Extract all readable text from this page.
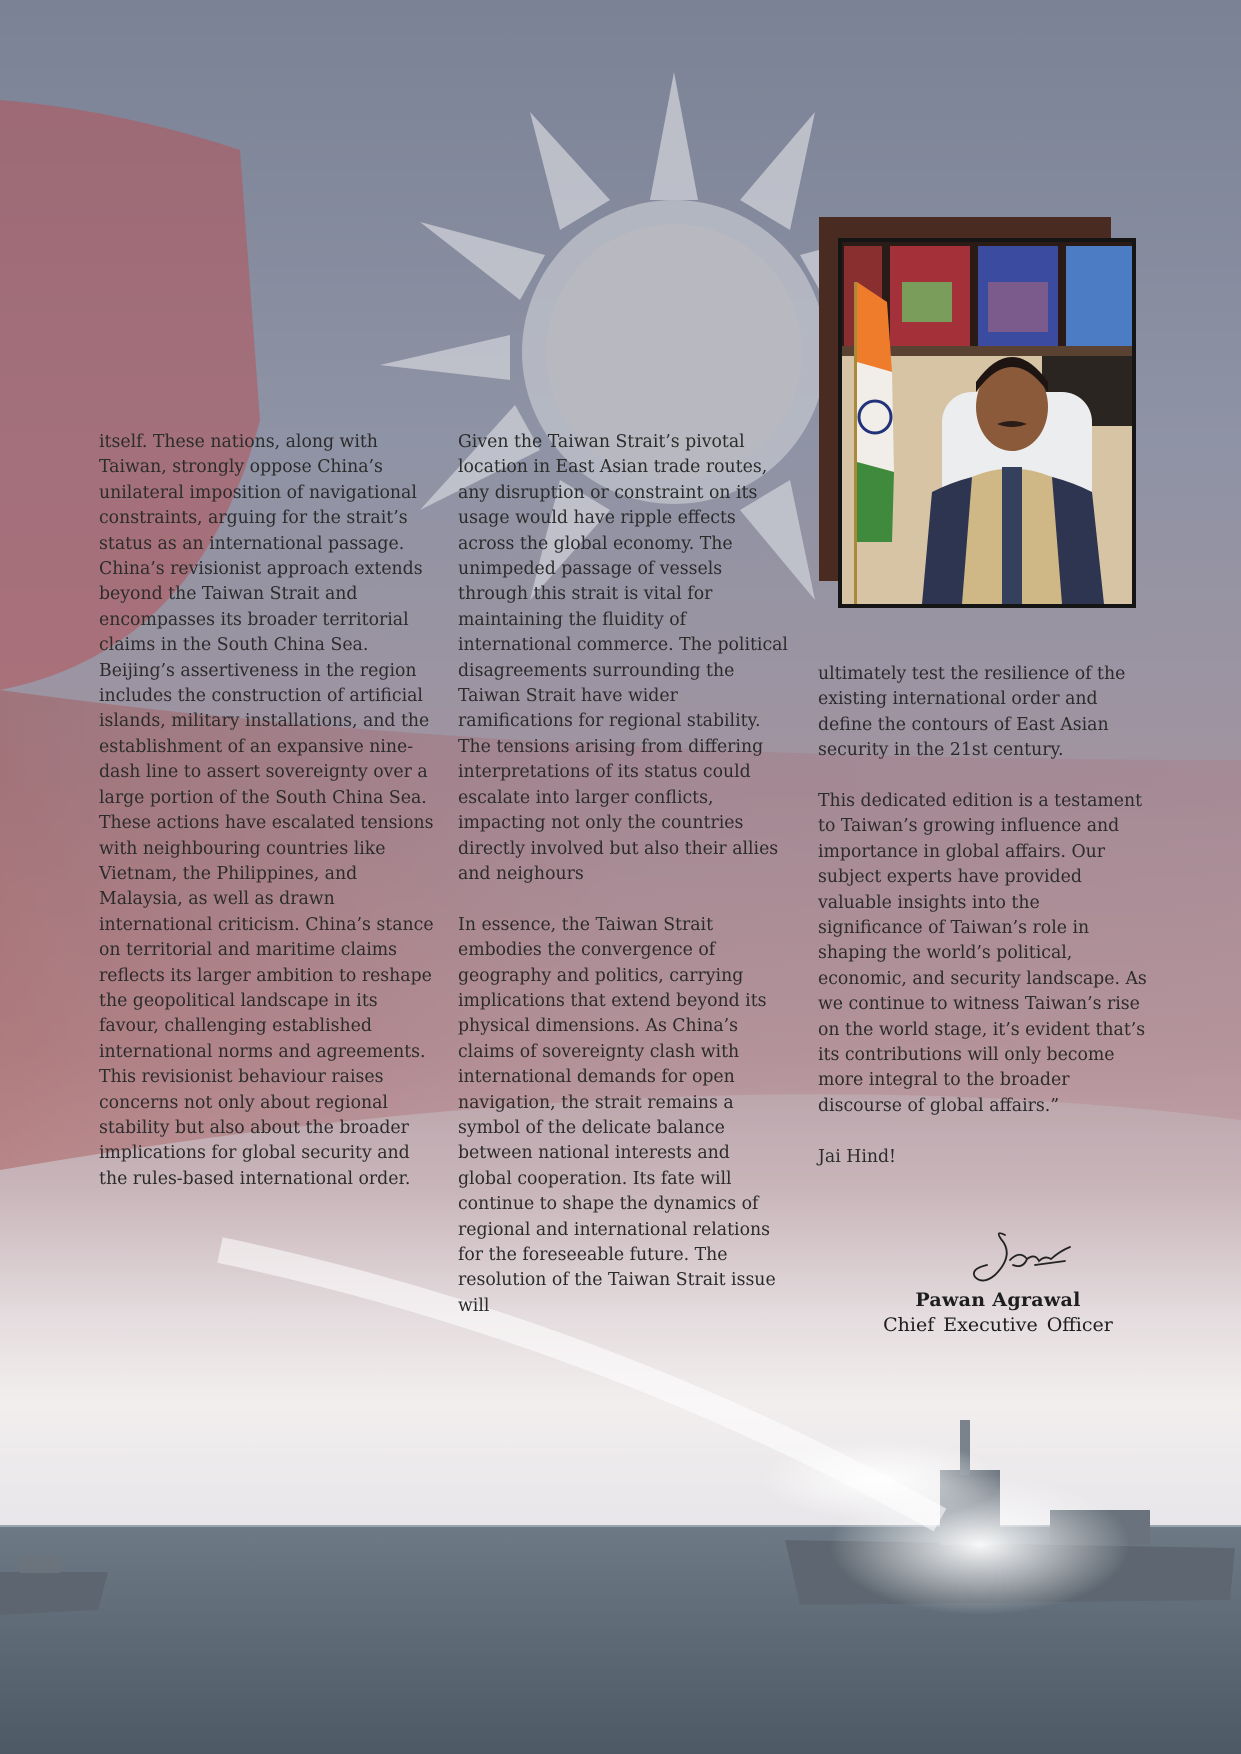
itself. These nations, along with Taiwan, strongly oppose China’s unilateral imposition of navigational constraints, arguing for the strait’s status as an international passage. China’s revisionist approach extends beyond the Taiwan Strait and encompasses its broader territorial claims in the South China Sea. Beijing’s assertiveness in the region includes the construction of artificial islands, military installations, and the establishment of an expansive nine-dash line to assert sovereignty over a large portion of the South China Sea. These actions have escalated tensions with neighbouring countries like Vietnam, the Philippines, and Malaysia, as well as drawn international criticism. China’s stance on territorial and maritime claims reflects its larger ambition to reshape the geopolitical landscape in its favour, challenging established international norms and agreements. This revisionist behaviour raises concerns not only about regional stability but also about the broader implications for global security and the rules-based international order.

Given the Taiwan Strait’s pivotal location in East Asian trade routes, any disruption or constraint on its usage would have ripple effects across the global economy. The unimpeded passage of vessels through this strait is vital for maintaining the fluidity of international commerce. The political disagreements surrounding the Taiwan Strait have wider ramifications for regional stability. The tensions arising from differing interpretations of its status could escalate into larger conflicts, impacting not only the countries directly involved but also their allies and neighours

In essence, the Taiwan Strait embodies the convergence of geography and politics, carrying implications that extend beyond its physical dimensions. As China’s claims of sovereignty clash with international demands for open navigation, the strait remains a symbol of the delicate balance between national interests and global cooperation. Its fate will continue to shape the dynamics of regional and international relations for the foreseeable future. The resolution of the Taiwan Strait issue will

ultimately test the resilience of the existing international order and define the contours of East Asian security in the 21st century.

This dedicated edition is a testament to Taiwan’s growing influence and importance in global affairs. Our subject experts have provided valuable insights into the significance of Taiwan’s role in shaping the world’s political, economic, and security landscape. As we continue to witness Taiwan’s rise on the world stage, it’s evident that’s its contributions will only become more integral to the broader discourse of global affairs.”

Jai Hind!

Pawan Agrawal
Chief Executive Officer
